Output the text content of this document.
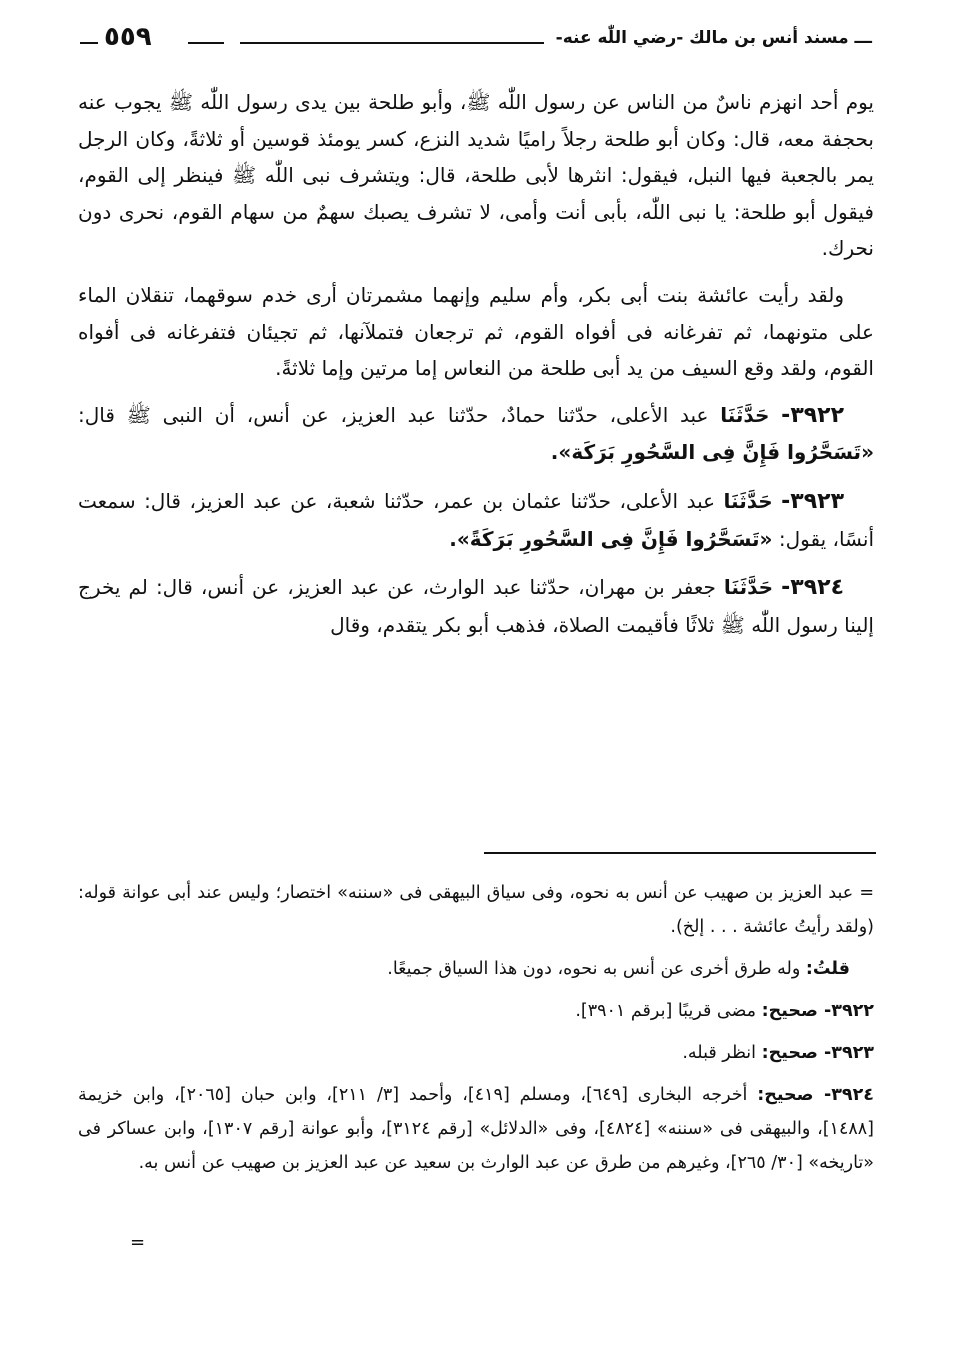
ـــ مسند أنس بن مالك -رضي اللّٰه عنه-
٥٥٩

يوم أحد انهزم ناسٌ من الناس عن رسول اللّٰه ﷺ، وأبو طلحة بين يدى رسول اللّٰه ﷺ يجوب عنه بحجفة معه، قال: وكان أبو طلحة رجلاً راميًا شديد النزع، كسر يومئذ قوسين أو ثلاثةً، وكان الرجل يمر بالجعبة فيها النبل، فيقول: انثرها لأبى طلحة، قال: ويتشرف نبى اللّٰه ﷺ فينظر إلى القوم، فيقول أبو طلحة: يا نبى اللّٰه، بأبى أنت وأمى، لا تشرف يصبك سهمٌ من سهام القوم، نحرى دون نحرك.

ولقد رأيت عائشة بنت أبى بكر، وأم سليم وإنهما مشمرتان أرى خدم سوقهما، تنقلان الماء على متونهما، ثم تفرغانه فى أفواه القوم، ثم ترجعان فتملآنها، ثم تجيئان فتفرغانه فى أفواه القوم، ولقد وقع السيف من يد أبى طلحة من النعاس إما مرتين وإما ثلاثةً.

٣٩٢٢- حَدَّثَنَا عبد الأعلى، حدّثنا حمادٌ، حدّثنا عبد العزيز، عن أنس، أن النبى ﷺ قال: «تَسَحَّرُوا فَإِنَّ فِى السَّحُورِ بَرَكَة».

٣٩٢٣- حَدَّثَنَا عبد الأعلى، حدّثنا عثمان بن عمر، حدّثنا شعبة، عن عبد العزيز، قال: سمعت أنسًا، يقول: «تَسَحَّرُوا فَإِنَّ فِى السَّحُورِ بَرَكَةً».

٣٩٢٤- حَدَّثَنَا جعفر بن مهران، حدّثنا عبد الوارث، عن عبد العزيز، عن أنس، قال: لم يخرج إلينا رسول اللّٰه ﷺ ثلاثًا فأقيمت الصلاة، فذهب أبو بكر يتقدم، وقال

= عبد العزيز بن صهيب عن أنس به نحوه، وفى سياق البيهقى فى «سننه» اختصار؛ وليس عند أبى عوانة قوله: (ولقد رأيتُ عائشة . . . إلخ).

قلتُ: وله طرق أخرى عن أنس به نحوه، دون هذا السياق جميعًا.

٣٩٢٢- صحيح: مضى قريبًا [برقم ٣٩٠١].

٣٩٢٣- صحيح: انظر قبله.

٣٩٢٤- صحيح: أخرجه البخارى [٦٤٩]، ومسلم [٤١٩]، وأحمد [٣/ ٢١١]، وابن حبان [٢٠٦٥]، وابن خزيمة [١٤٨٨]، والبيهقى فى «سننه» [٤٨٢٤]، وفى «الدلائل» [رقم ٣١٢٤]، وأبو عوانة [رقم ١٣٠٧]، وابن عساكر فى «تاريخه» [٣٠/ ٢٦٥]، وغيرهم من طرق عن عبد الوارث بن سعيد عن عبد العزيز بن صهيب عن أنس به.

=
